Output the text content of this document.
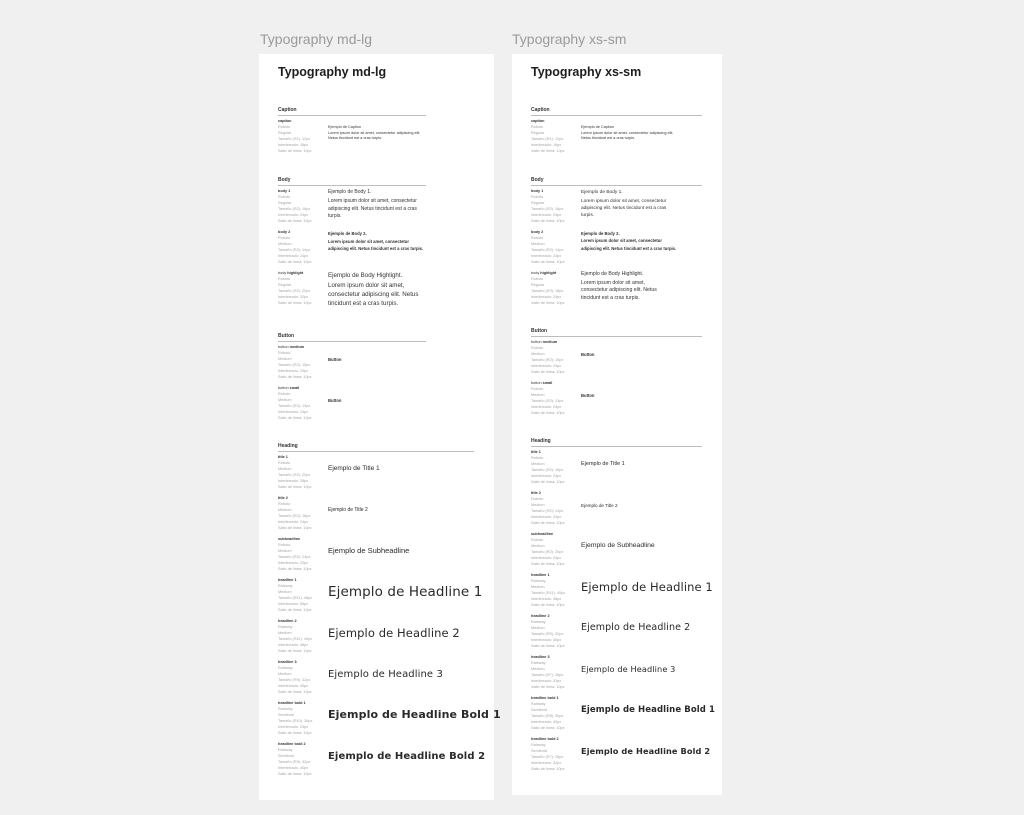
Typography md-lg	Typography xs-sm
Typography md-lg
Caption
caption
Roboto
Regular
Tamaño (R1): 12px
Interlineado: 16px
Salto de línea: 10px
Ejemplo de Caption
Lorem ipsum dolor sit amet, consectetur adipiscing elit. Netus tincidunt est a cras turpis.
Body
body 1
Roboto
Regular
Tamaño (R2): 16px
Interlineado: 24px
Salto de línea: 10px
Ejemplo de Body 1.
Lorem ipsum dolor sit amet, consectetur adipiscing elit. Netus tincidunt est a cras turpis.
body 2
Roboto
Medium
Tamaño (R2): 14px
Interlineado: 24px
Salto de línea: 10px
Ejemplo de Body 2.
Lorem ipsum dolor sit amet, consectetur adipiscing elit. Netus tincidunt est a cras turpis.
body highlight
Roboto
Regular
Tamaño (R2): 20px
Interlineado: 32px
Salto de línea: 10px
Ejemplo de Body Highlight.
Lorem ipsum dolor sit amet, consectetur adipiscing elit. Netus tincidunt est a cras turpis.
Button
button medium
Roboto
Medium
Tamaño (R2): 15px
Interlineado: 24px
Salto de línea: 10px
Button
button small
Roboto
Medium
Tamaño (R2): 13px
Interlineado: 24px
Salto de línea: 10px
Button
Heading
title 1
Roboto
Medium
Tamaño (R2): 20px
Interlineado: 28px
Salto de línea: 10px
Ejemplo de Title 1
title 2
Roboto
Medium
Tamaño (R2): 16px
Interlineado: 24px
Salto de línea: 10px
Ejemplo de Title 2
subheadline
Roboto
Medium
Tamaño (R2): 24px
Interlineado: 32px
Salto de línea: 10px
Ejemplo de Subheadline
headline 1
Raleway
Medium
Tamaño (R11): 48px
Interlineado: 56px
Salto de línea: 10px
Ejemplo de Headline 1
headline 2
Raleway
Medium
Tamaño (R11): 40px
Interlineado: 48px
Salto de línea: 10px
Ejemplo de Headline 2
headline 3
Raleway
Medium
Tamaño (R9): 32px
Interlineado: 40px
Salto de línea: 10px
Ejemplo de Headline 3
headline bold 1
Raleway
Semibold
Tamaño (R10): 36px
Interlineado: 24px
Salto de línea: 10px
Ejemplo de Headline Bold 1
headline bold 2
Raleway
Semibold
Tamaño (R9): 32px
Interlineado: 40px
Salto de línea: 10px
Ejemplo de Headline Bold 2
Typography xs-sm
Caption
caption
Roboto
Regular
Tamaño (R1): 12px
Interlineado: 16px
Salto de línea: 10px
Ejemplo de Caption
Lorem ipsum dolor sit amet, consectetur adipiscing elit. Netus tincidunt est a cras turpis.
Body
body 1
Roboto
Regular
Tamaño (R2): 16px
Interlineado: 24px
Salto de línea: 10px
Ejemplo de Body 1.
Lorem ipsum dolor sit amet, consectetur adipiscing elit. Netus tincidunt est a cras turpis.
body 2
Roboto
Medium
Tamaño (R2): 14px
Interlineado: 24px
Salto de línea: 10px
Ejemplo de Body 2.
Lorem ipsum dolor sit amet, consectetur adipiscing elit. Netus tincidunt est a cras turpis.
body highlight
Roboto
Regular
Tamaño (R2): 16px
Interlineado: 24px
Salto de línea: 10px
Ejemplo de Body Highlight.
Lorem ipsum dolor sit amet, consectetur adipiscing elit. Netus tincidunt est a cras turpis.
Button
button medium
Roboto
Medium
Tamaño (R2): 15px
Interlineado: 24px
Salto de línea: 10px
Button
button small
Roboto
Medium
Tamaño (R2): 13px
Interlineado: 24px
Salto de línea: 10px
Button
Heading
title 1
Roboto
Medium
Tamaño (R2): 16px
Interlineado: 24px
Salto de línea: 10px
Ejemplo de Title 1
title 2
Roboto
Medium
Tamaño (R2): 14px
Interlineado: 24px
Salto de línea: 10px
Ejemplo de Title 2
subheadline
Roboto
Medium
Tamaño (R2): 20px
Interlineado: 24px
Salto de línea: 10px
Ejemplo de Subheadline
headline 1
Raleway
Medium
Tamaño (R11): 40px
Interlineado: 48px
Salto de línea: 10px
Ejemplo de Headline 1
headline 2
Raleway
Medium
Tamaño (R9): 32px
Interlineado: 40px
Salto de línea: 10px
Ejemplo de Headline 2
headline 3
Raleway
Medium
Tamaño (R7): 28px
Interlineado: 32px
Salto de línea: 10px
Ejemplo de Headline 3
headline bold 1
Raleway
Semibold
Tamaño (R8): 30px
Interlineado: 40px
Salto de línea: 10px
Ejemplo de Headline Bold 1
headline bold 2
Raleway
Semibold
Tamaño (R7): 28px
Interlineado: 32px
Salto de línea: 10px
Ejemplo de Headline Bold 2
